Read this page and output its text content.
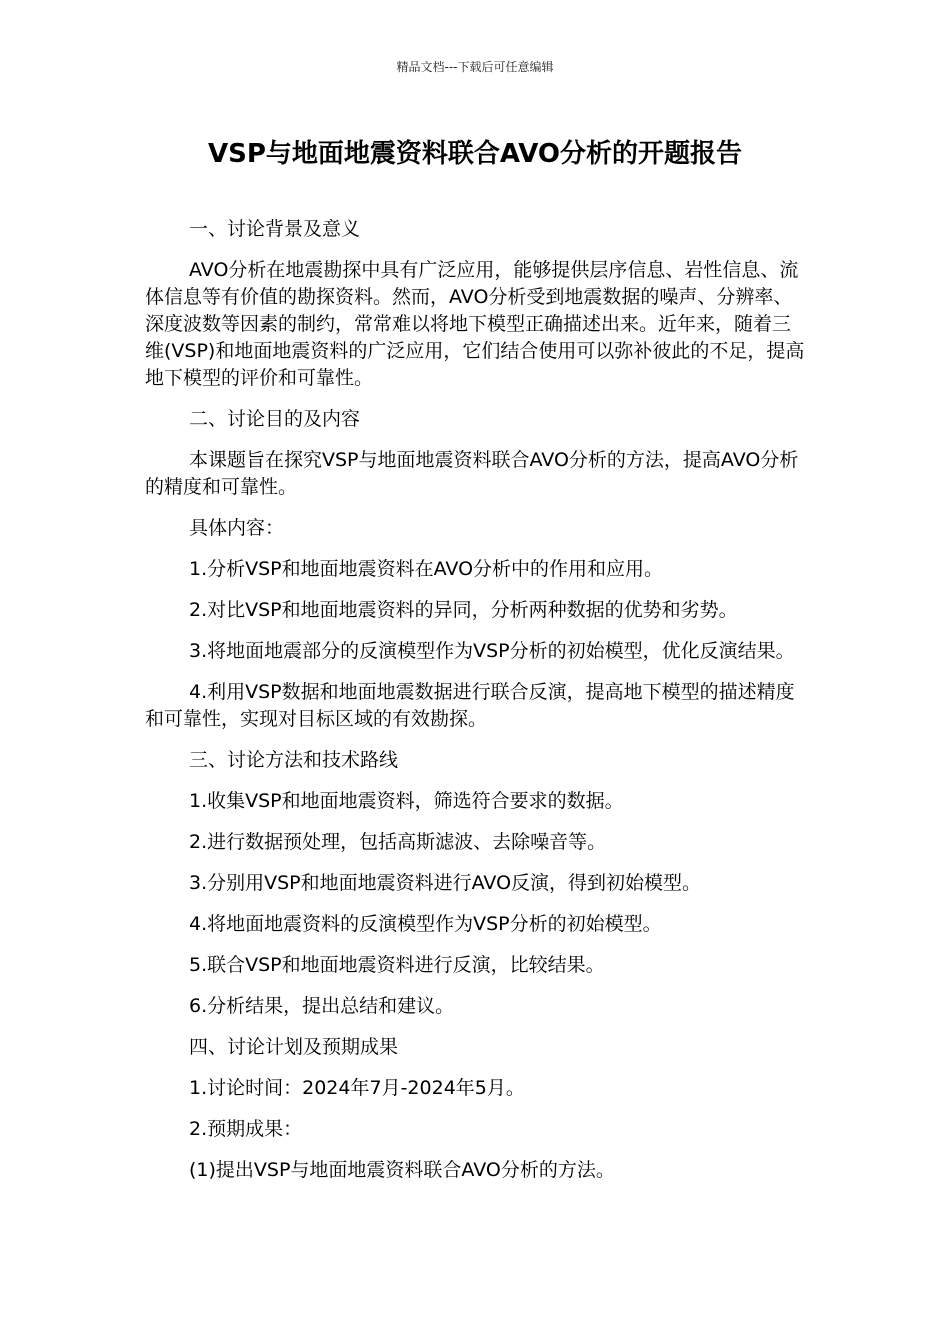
精品文档---下载后可任意编辑
VSP与地面地震资料联合AVO分析的开题报告

一、讨论背景及意义

AVO分析在地震勘探中具有广泛应用，能够提供层序信息、岩性信息、流体信息等有价值的勘探资料。然而，AVO分析受到地震数据的噪声、分辨率、深度波数等因素的制约，常常难以将地下模型正确描述出来。近年来，随着三维(VSP)和地面地震资料的广泛应用，它们结合使用可以弥补彼此的不足，提高地下模型的评价和可靠性。

二、讨论目的及内容

本课题旨在探究VSP与地面地震资料联合AVO分析的方法，提高AVO分析的精度和可靠性。

具体内容：

1.分析VSP和地面地震资料在AVO分析中的作用和应用。

2.对比VSP和地面地震资料的异同，分析两种数据的优势和劣势。

3.将地面地震部分的反演模型作为VSP分析的初始模型，优化反演结果。

4.利用VSP数据和地面地震数据进行联合反演，提高地下模型的描述精度和可靠性，实现对目标区域的有效勘探。

三、讨论方法和技术路线

1.收集VSP和地面地震资料，筛选符合要求的数据。

2.进行数据预处理，包括高斯滤波、去除噪音等。

3.分别用VSP和地面地震资料进行AVO反演，得到初始模型。

4.将地面地震资料的反演模型作为VSP分析的初始模型。

5.联合VSP和地面地震资料进行反演，比较结果。

6.分析结果，提出总结和建议。

四、讨论计划及预期成果

1.讨论时间：2024年7月-2024年5月。

2.预期成果：

(1)提出VSP与地面地震资料联合AVO分析的方法。
